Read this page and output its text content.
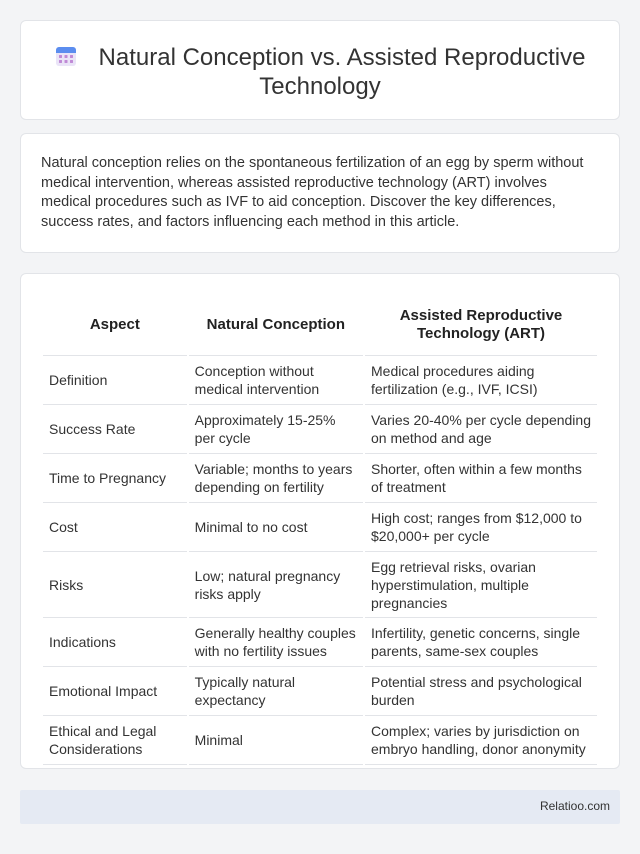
Natural Conception vs. Assisted Reproductive Technology

Natural conception relies on the spontaneous fertilization of an egg by sperm without medical intervention, whereas assisted reproductive technology (ART) involves medical procedures such as IVF to aid conception. Discover the key differences, success rates, and factors influencing each method in this article.

Aspect	Natural Conception	Assisted Reproductive Technology (ART)
Definition	Conception without medical intervention	Medical procedures aiding fertilization (e.g., IVF, ICSI)
Success Rate	Approximately 15-25% per cycle	Varies 20-40% per cycle depending on method and age
Time to Pregnancy	Variable; months to years depending on fertility	Shorter, often within a few months of treatment
Cost	Minimal to no cost	High cost; ranges from $12,000 to $20,000+ per cycle
Risks	Low; natural pregnancy risks apply	Egg retrieval risks, ovarian hyperstimulation, multiple pregnancies
Indications	Generally healthy couples with no fertility issues	Infertility, genetic concerns, single parents, same-sex couples
Emotional Impact	Typically natural expectancy	Potential stress and psychological burden
Ethical and Legal Considerations	Minimal	Complex; varies by jurisdiction on embryo handling, donor anonymity
Relatioo.com
